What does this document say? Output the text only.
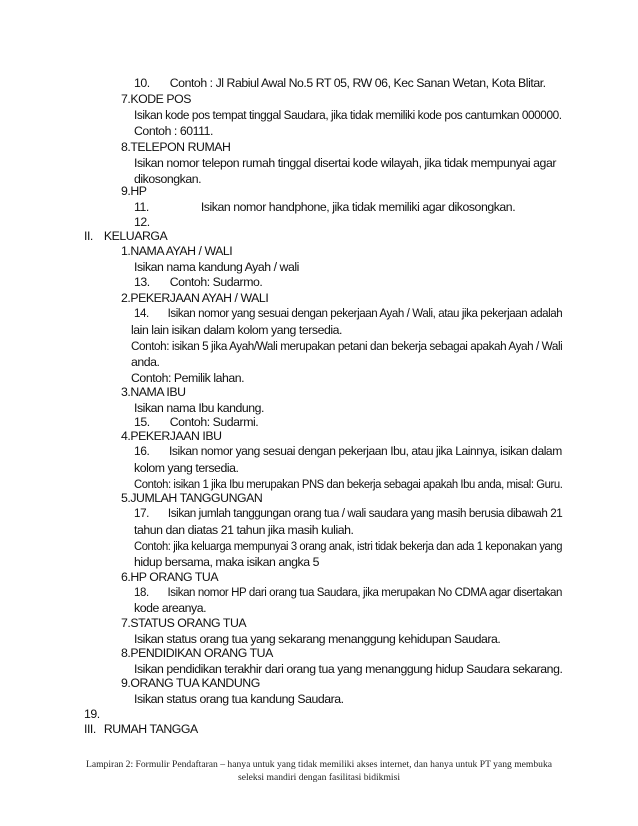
10. Contoh : Jl Rabiul Awal No.5 RT 05, RW 06, Kec Sanan Wetan, Kota Blitar.
7.KODE POS
Isikan kode pos tempat tinggal Saudara, jika tidak memiliki kode pos cantumkan 000000.
Contoh : 60111.
8.TELEPON RUMAH
Isikan nomor telepon rumah tinggal disertai kode wilayah, jika tidak mempunyai agar
dikosongkan.
9.HP
11.	Isikan nomor handphone, jika tidak memiliki agar dikosongkan.
12.
II. KELUARGA
1.NAMA AYAH / WALI
Isikan nama kandung Ayah / wali
13. Contoh: Sudarmo.
2.PEKERJAAN AYAH / WALI
14. Isikan nomor yang sesuai dengan pekerjaan Ayah / Wali, atau jika pekerjaan adalah
lain lain isikan dalam kolom yang tersedia.
Contoh: isikan 5 jika Ayah/Wali merupakan petani dan bekerja sebagai apakah Ayah / Wali
anda.
Contoh: Pemilik lahan.
3.NAMA IBU
Isikan nama Ibu kandung.
15. Contoh: Sudarmi.
4.PEKERJAAN IBU
16. Isikan nomor yang sesuai dengan pekerjaan Ibu, atau jika Lainnya, isikan dalam
kolom yang tersedia.
Contoh: isikan 1 jika Ibu merupakan PNS dan bekerja sebagai apakah Ibu anda, misal: Guru.
5.JUMLAH TANGGUNGAN
17. Isikan jumlah tanggungan orang tua / wali saudara yang masih berusia dibawah 21
tahun dan diatas 21 tahun jika masih kuliah.
Contoh: jika keluarga mempunyai 3 orang anak, istri tidak bekerja dan ada 1 keponakan yang
hidup bersama, maka isikan angka 5
6.HP ORANG TUA
18. Isikan nomor HP dari orang tua Saudara, jika merupakan No CDMA agar disertakan
kode areanya.
7.STATUS ORANG TUA
Isikan status orang tua yang sekarang menanggung kehidupan Saudara.
8.PENDIDIKAN ORANG TUA
Isikan pendidikan terakhir dari orang tua yang menanggung hidup Saudara sekarang.
9.ORANG TUA KANDUNG
Isikan status orang tua kandung Saudara.
19.
III. RUMAH TANGGA
Lampiran 2: Formulir Pendaftaran – hanya untuk yang tidak memiliki akses internet, dan hanya untuk PT yang membuka
seleksi mandiri dengan fasilitasi bidikmisi
